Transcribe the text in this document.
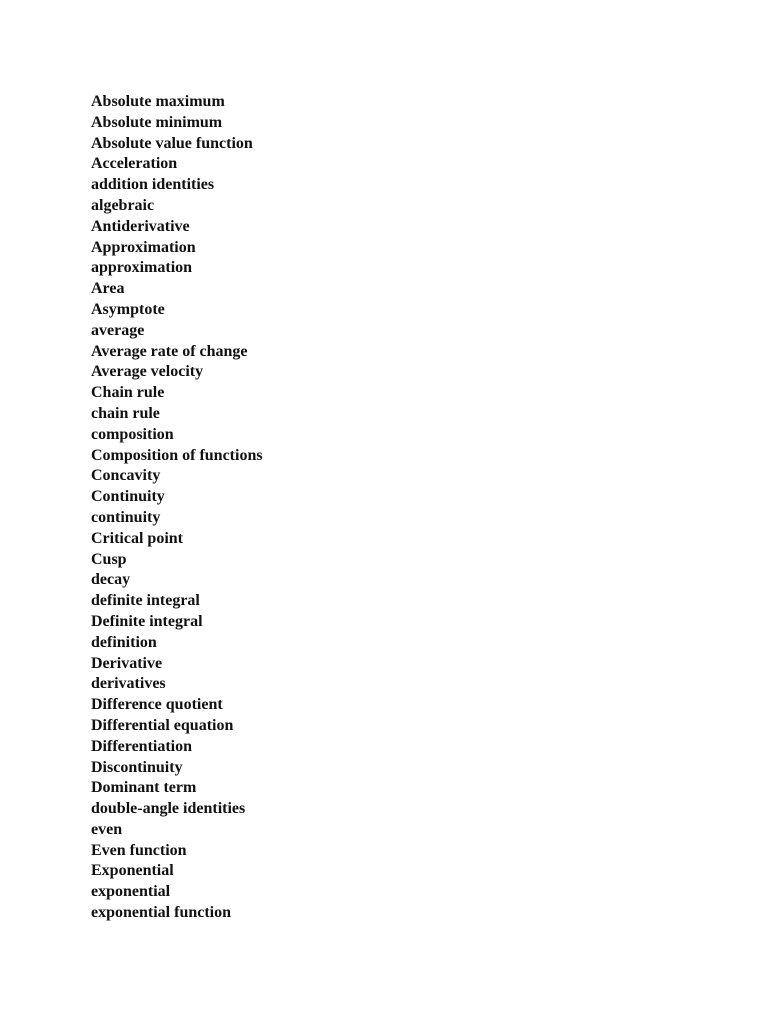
Absolute maximum
Absolute minimum
Absolute value function
Acceleration
addition identities
algebraic
Antiderivative
Approximation
approximation
Area
Asymptote
average
Average rate of change
Average velocity
Chain rule
chain rule
composition
Composition of functions
Concavity
Continuity
continuity
Critical point
Cusp
decay
definite integral
Definite integral
definition
Derivative
derivatives
Difference quotient
Differential equation
Differentiation
Discontinuity
Dominant term
double-angle identities
even
Even function
Exponential
exponential
exponential function
